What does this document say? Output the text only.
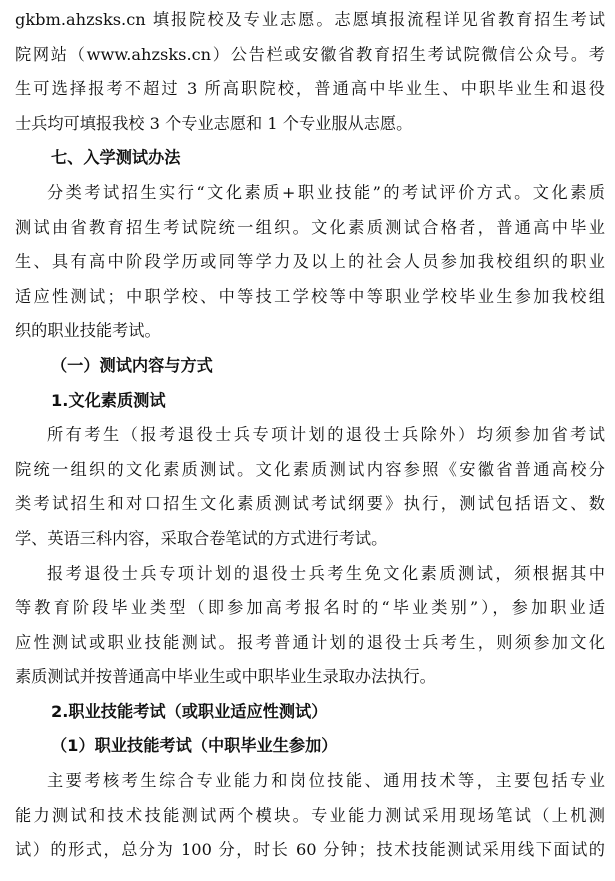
gkbm.ahzsks.cn 填报院校及专业志愿。志愿填报流程详见省教育招生考试
院网站（www.ahzsks.cn）公告栏或安徽省教育招生考试院微信公众号。考
生可选择报考不超过 3 所高职院校，普通高中毕业生、中职毕业生和退役
士兵均可填报我校 3 个专业志愿和 1 个专业服从志愿。
七、入学测试办法
分类考试招生实行“文化素质+职业技能”的考试评价方式。文化素质
测试由省教育招生考试院统一组织。文化素质测试合格者，普通高中毕业
生、具有高中阶段学历或同等学力及以上的社会人员参加我校组织的职业
适应性测试；中职学校、中等技工学校等中等职业学校毕业生参加我校组
织的职业技能考试。
（一）测试内容与方式
1.文化素质测试
所有考生（报考退役士兵专项计划的退役士兵除外）均须参加省考试
院统一组织的文化素质测试。文化素质测试内容参照《安徽省普通高校分
类考试招生和对口招生文化素质测试考试纲要》执行，测试包括语文、数
学、英语三科内容，采取合卷笔试的方式进行考试。
报考退役士兵专项计划的退役士兵考生免文化素质测试，须根据其中
等教育阶段毕业类型（即参加高考报名时的“毕业类别”），参加职业适
应性测试或职业技能测试。报考普通计划的退役士兵考生，则须参加文化
素质测试并按普通高中毕业生或中职毕业生录取办法执行。
2.职业技能考试（或职业适应性测试）
（1）职业技能考试（中职毕业生参加）
主要考核考生综合专业能力和岗位技能、通用技术等，主要包括专业
能力测试和技术技能测试两个模块。专业能力测试采用现场笔试（上机测
试）的形式，总分为 100 分，时长 60 分钟；技术技能测试采用线下面试的
